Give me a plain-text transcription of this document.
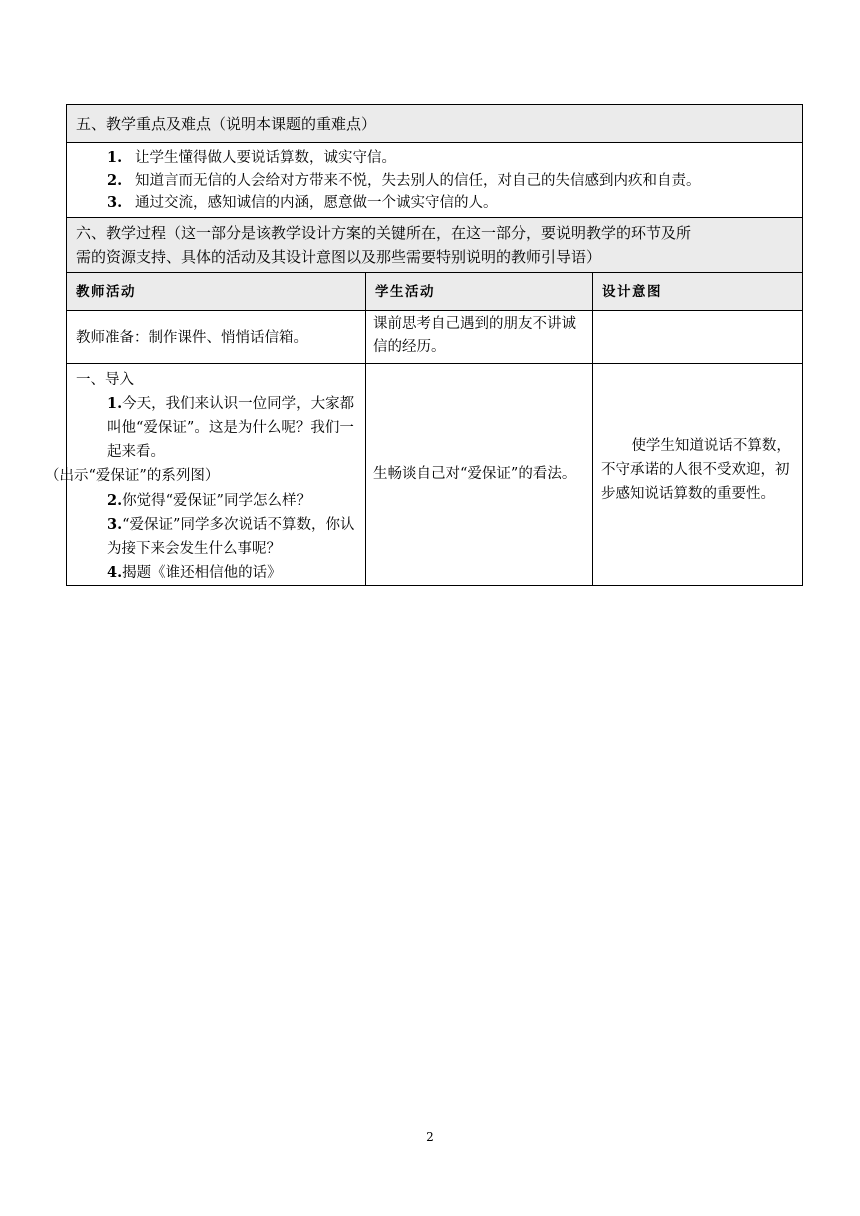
五、教学重点及难点（说明本课题的重难点）
1. 让学生懂得做人要说话算数，诚实守信。
2. 知道言而无信的人会给对方带来不悦，失去别人的信任，对自己的失信感到内疚和自责。
3. 通过交流，感知诚信的内涵，愿意做一个诚实守信的人。
六、教学过程（这一部分是该教学设计方案的关键所在，在这一部分，要说明教学的环节及所
需的资源支持、具体的活动及其设计意图以及那些需要特别说明的教师引导语）
教师活动	学生活动	设计意图
教师准备：制作课件、悄悄话信箱。
课前思考自己遇到的朋友不讲诚信的经历。
一、导入
1.今天，我们来认识一位同学，大家都叫他“爱保证”。这是为什么呢？我们一起来看。
（出示“爱保证”的系列图）
2.你觉得“爱保证”同学怎么样？
3.“爱保证”同学多次说话不算数，你认为接下来会发生什么事呢？
4.揭题《谁还相信他的话》
生畅谈自己对“爱保证”的看法。

使学生知道说话不算数，不守承诺的人很不受欢迎，初步感知说话算数的重要性。

2
